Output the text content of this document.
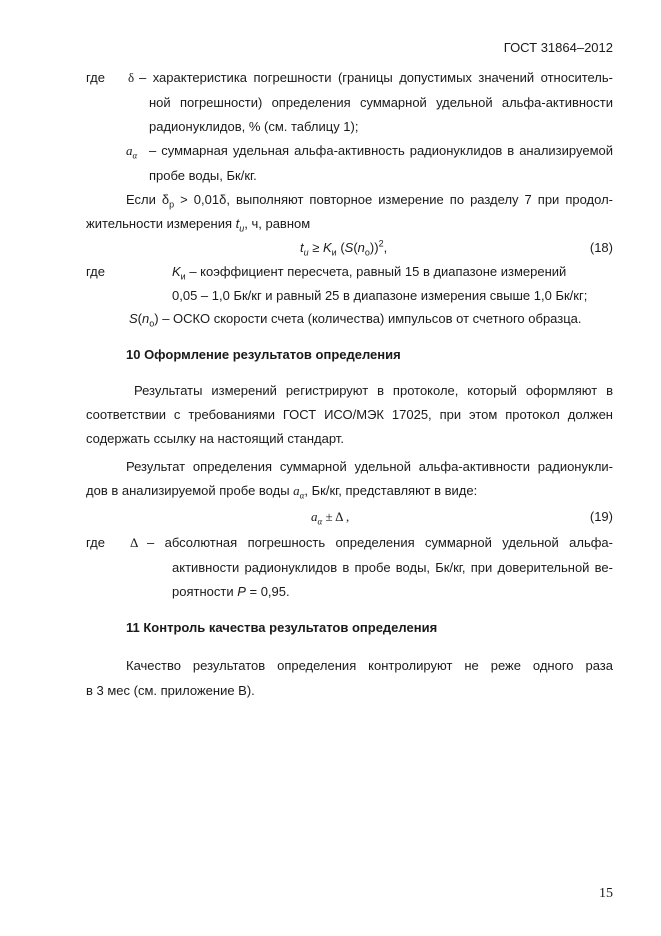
ГОСТ 31864–2012
где δ – характеристика погрешности (границы допустимых значений относитель-
ной погрешности) определения суммарной удельной альфа-активности
радионуклидов, % (см. таблицу 1);
$a_\alpha$ – суммарная удельная альфа-активность радионуклидов в анализируемой
пробе воды, Бк/кг.
Если $\delta_р > 0,01\delta$, выполняют повторное измерение по разделу 7 при продол-
жительности измерения $t_и$, ч, равном
$t_и \ge K_и$ $(S(n_о))^2$,	(18)
где	$K_и$ – коэффициент пересчета, равный 15 в диапазоне измерений
0,05 – 1,0 Бк/кг и равный 25 в диапазоне измерения свыше 1,0 Бк/кг;
$S(n_о)$ – ОСКО скорости счета (количества) импульсов от счетного образца.
10 Оформление результатов определения
Результаты измерений регистрируют в протоколе, который оформляют в
соответствии с требованиями ГОСТ ИСО/МЭК 17025, при этом протокол должен
содержать ссылку на настоящий стандарт.
Результат определения суммарной удельной альфа-активности радионукли-
дов в анализируемой пробе воды $a_\alpha$, Бк/кг, представляют в виде:
$a_\alpha \pm \Delta$ ,	(19)
где Δ – абсолютная погрешность определения суммарной удельной альфа-
активности радионуклидов в пробе воды, Бк/кг, при доверительной ве-
роятности P = 0,95.
11 Контроль качества результатов определения
Качество результатов определения контролируют не реже одного раза
в 3 мес (см. приложение В).
15
